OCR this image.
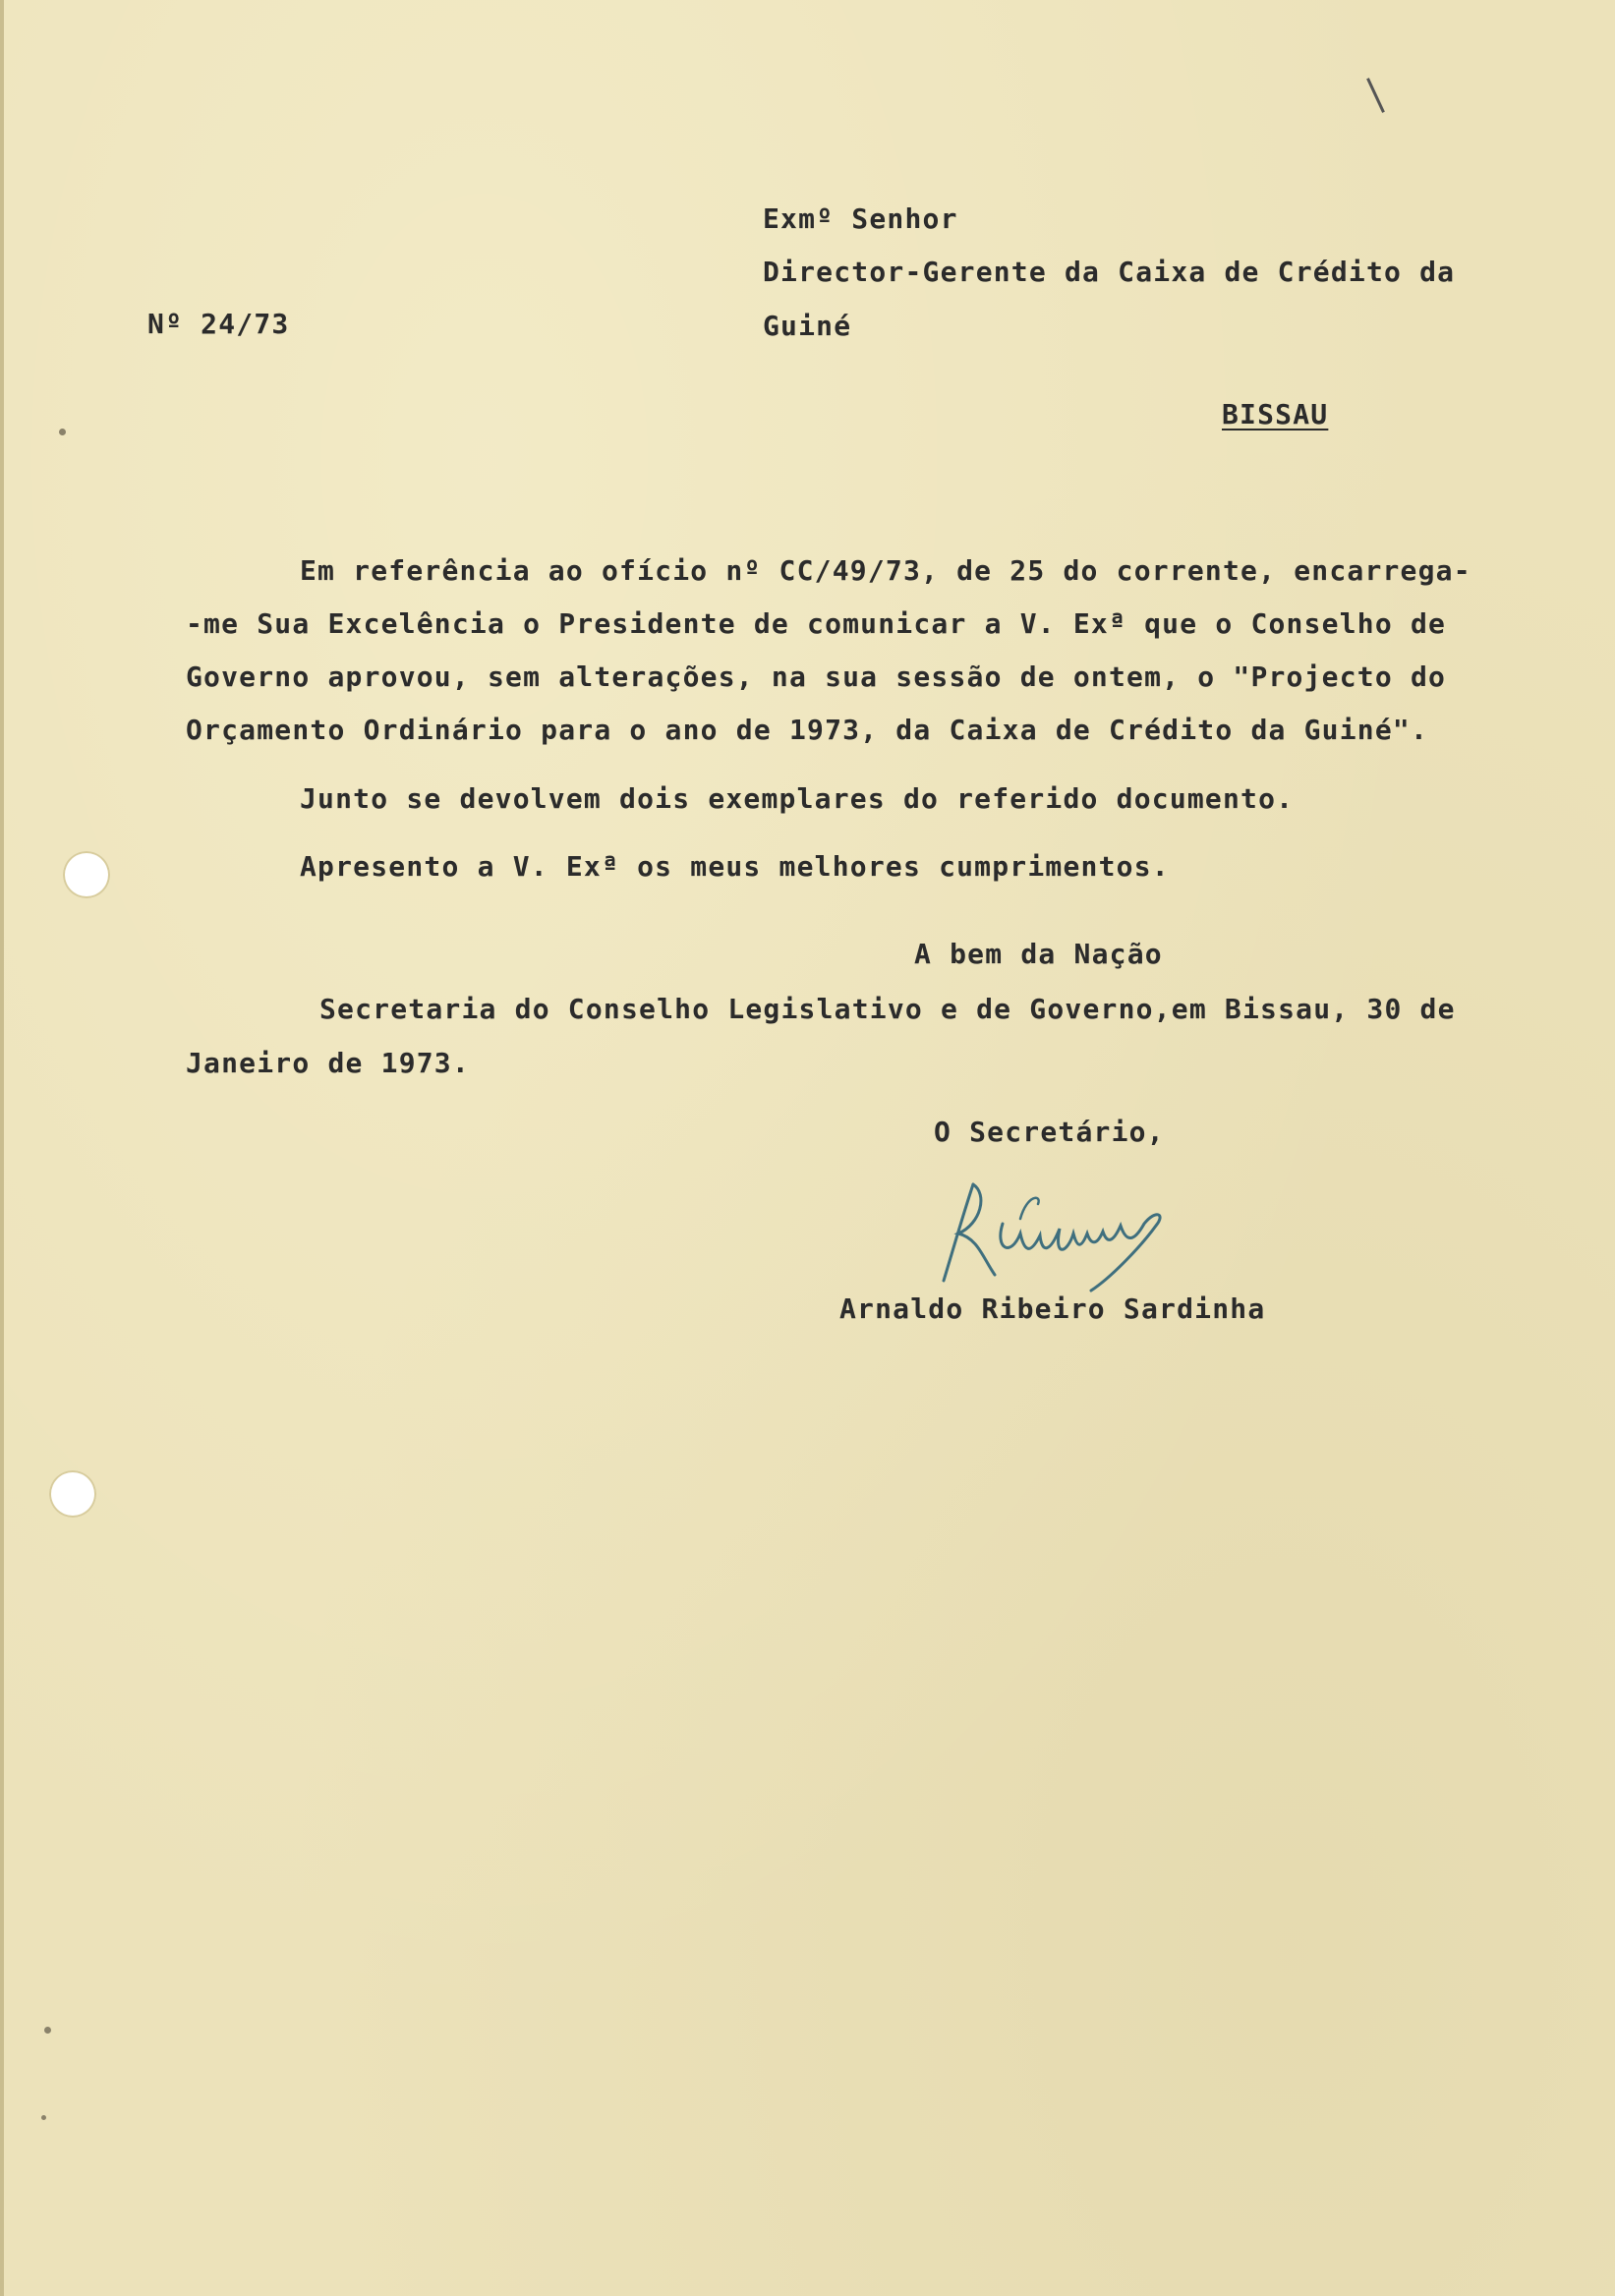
Exmº Senhor
Director-Gerente da Caixa de Crédito da
Nº 24/73	Guiné
BISSAU
Em referência ao ofício nº CC/49/73, de 25 do corrente, encarrega-
-me Sua Excelência o Presidente de comunicar a V. Exª que o Conselho de
Governo aprovou, sem alterações, na sua sessão de ontem, o "Projecto do
Orçamento Ordinário para o ano de 1973, da Caixa de Crédito da Guiné".
Junto se devolvem dois exemplares do referido documento.
Apresento a V. Exª os meus melhores cumprimentos.
A bem da Nação
Secretaria do Conselho Legislativo e de Governo,em Bissau, 30 de
Janeiro de 1973.
O Secretário,
Arnaldo Ribeiro Sardinha
